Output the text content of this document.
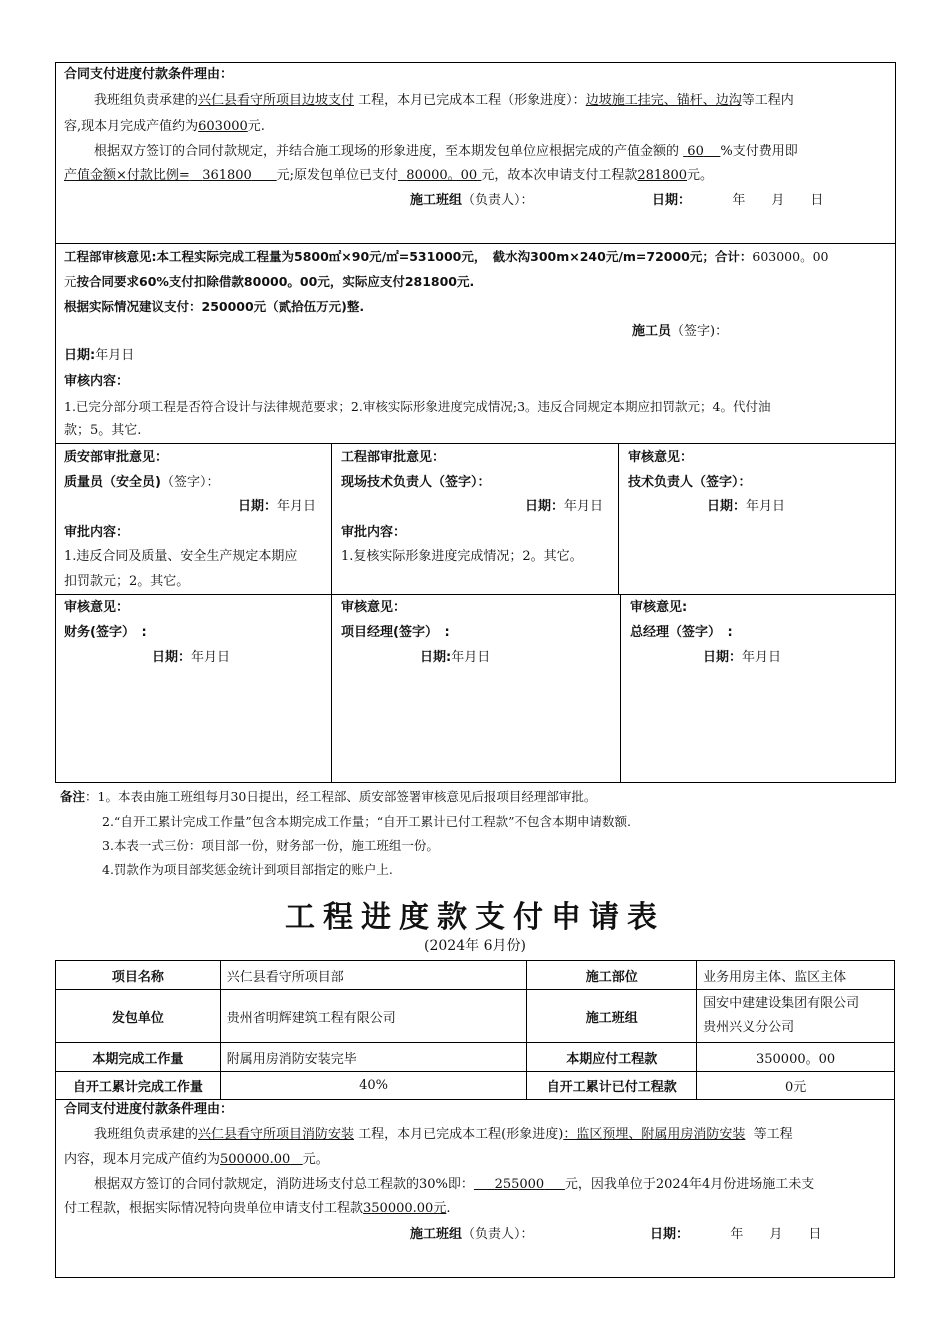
合同支付进度付款条件理由：
我班组负责承建的兴仁县看守所项目边坡支付 工程，本月已完成本工程（形象进度）：边坡施工挂完、锚杆、边沟等工程内
容,现本月完成产值约为603000元.
根据双方签订的合同付款规定，并结合施工现场的形象进度，至本期发包单位应根据完成的产值金额的 60 %支付费用即
产值金额×付款比例= 361800 元;原发包单位已支付 80000。00 元，故本次申请支付工程款281800元。
施工班组（负责人）：	日期：	年　　月　　日
工程部审核意见:本工程实际完成工程量为5800㎡×90元/㎡=531000元，　截水沟300m×240元/m=72000元；合计：603000。00
元按合同要求60%支付扣除借款80000。00元，实际应支付281800元.
根据实际情况建议支付：250000元（贰拾伍万元)整.
施工员（签字)：
日期:年月日
审核内容：
1.已完分部分项工程是否符合设计与法律规范要求；2.审核实际形象进度完成情况;3。违反合同规定本期应扣罚款元；4。代付油
款；5。其它.
质安部审批意见：
质量员（安全员)（签字）：
日期：年月日
审批内容：
1.违反合同及质量、安全生产规定本期应
扣罚款元；2。其它。
工程部审批意见：
现场技术负责人（签字）：
日期：年月日
审批内容：
1.复核实际形象进度完成情况；2。其它。
审核意见：
技术负责人（签字）：
日期：年月日
审核意见：
财务(签字）　:
日期：年月日
审核意见：
项目经理(签字）　:
日期:年月日
审核意见:
总经理（签字）　:
日期：年月日
备注：1。本表由施工班组每月30日提出，经工程部、质安部签署审核意见后报项目经理部审批。
2.“自开工累计完成工作量”包含本期完成工作量；“自开工累计已付工程款”不包含本期申请数额.
3.本表一式三份：项目部一份，财务部一份，施工班组一份。
4.罚款作为项目部奖惩金统计到项目部指定的账户上.
工程进度款支付申请表
(2024年 6月份)
项目名称	兴仁县看守所项目部	施工部位	业务用房主体、监区主体
发包单位	贵州省明辉建筑工程有限公司	施工班组	国安中建建设集团有限公司
贵州兴义分公司
本期完成工作量	附属用房消防安装完毕	本期应付工程款	350000。00
自开工累计完成工作量	40%	自开工累计已付工程款	0元
合同支付进度付款条件理由：
我班组负责承建的兴仁县看守所项目消防安装 工程，本月已完成本工程(形象进度)：监区预埋、附属用房消防安装 等工程
内容，现本月完成产值约为500000.00 元。
根据双方签订的合同付款规定，消防进场支付总工程款的30%即： 255000 元，因我单位于2024年4月份进场施工未支
付工程款，根据实际情况特向贵单位申请支付工程款350000.00元.
施工班组（负责人）：	日期：	年　　月　　日
